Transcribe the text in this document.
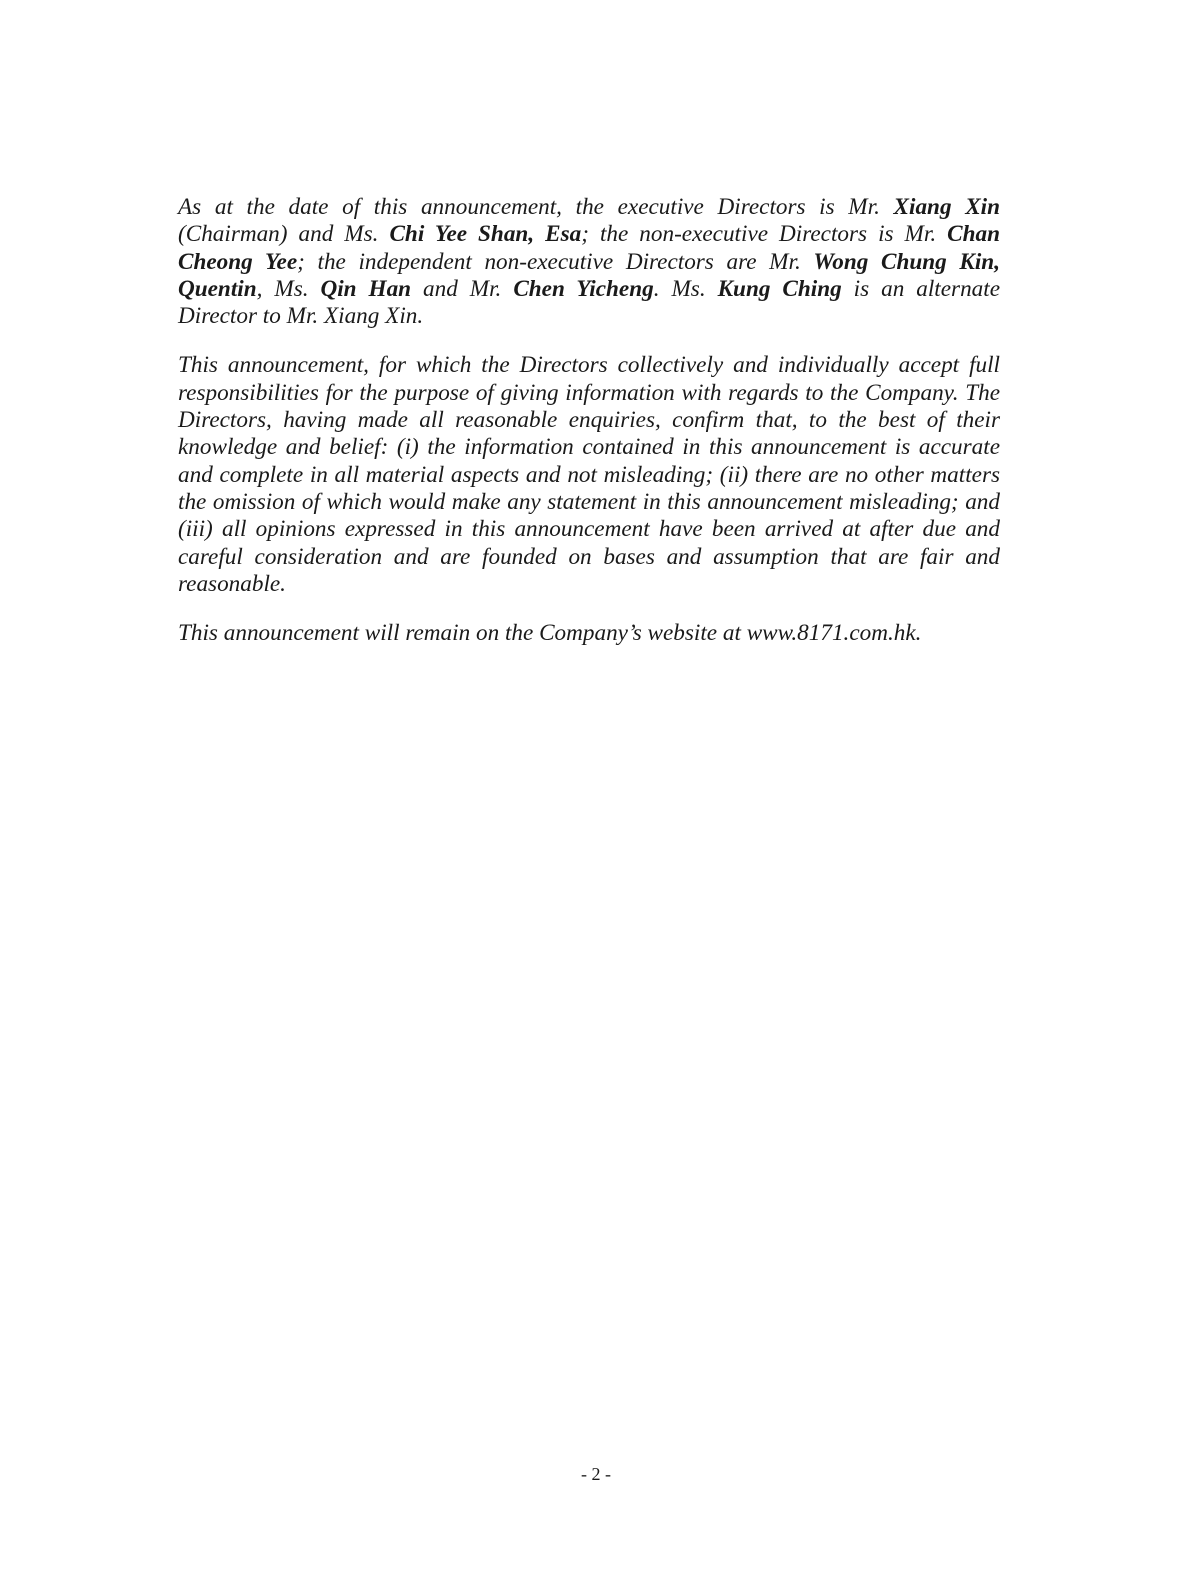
As at the date of this announcement, the executive Directors is Mr. Xiang Xin (Chairman) and Ms. Chi Yee Shan, Esa; the non-executive Directors is Mr. Chan Cheong Yee; the independent non-executive Directors are Mr. Wong Chung Kin, Quentin, Ms. Qin Han and Mr. Chen Yicheng. Ms. Kung Ching is an alternate Director to Mr. Xiang Xin.

This announcement, for which the Directors collectively and individually accept full responsibilities for the purpose of giving information with regards to the Company. The Directors, having made all reasonable enquiries, confirm that, to the best of their knowledge and belief: (i) the information contained in this announcement is accurate and complete in all material aspects and not misleading; (ii) there are no other matters the omission of which would make any statement in this announcement misleading; and (iii) all opinions expressed in this announcement have been arrived at after due and careful consideration and are founded on bases and assumption that are fair and reasonable.

This announcement will remain on the Company’s website at www.8171.com.hk.

- 2 -
